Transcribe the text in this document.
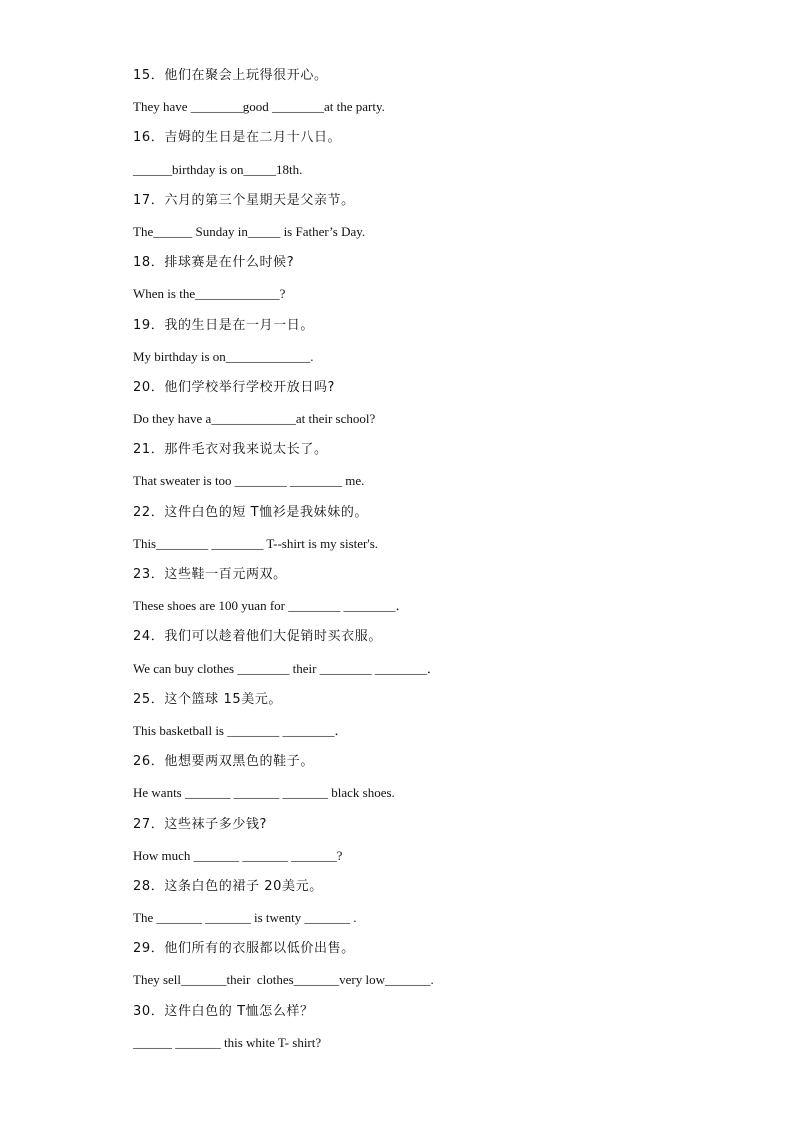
15．他们在聚会上玩得很开心。
They have ________good ________at the party.
16．吉姆的生日是在二月十八日。
______birthday is on_____18th.
17．六月的第三个星期天是父亲节。
The______ Sunday in_____ is Father’s Day.
18．排球赛是在什么时候?
When is the_____________?
19．我的生日是在一月一日。
My birthday is on_____________.
20．他们学校举行学校开放日吗?
Do they have a_____________at their school?
21．那件毛衣对我来说太长了。
That sweater is too ________ ________ me.
22．这件白色的短 T恤衫是我妹妹的。
This________ ________ T--shirt is my sister's.
23．这些鞋一百元两双。
These shoes are 100 yuan for ________ ________．
24．我们可以趁着他们大促销时买衣服。
We can buy clothes ________ their ________ ________．
25．这个篮球 15美元。
This basketball is ________ ________．
26．他想要两双黑色的鞋子。
He wants _______ _______ _______ black shoes.
27．这些袜子多少钱?
How much _______ _______ _______?
28．这条白色的裙子 20美元。
The _______ _______ is twenty _______ .
29．他们所有的衣服都以低价出售。
They sell_______their  clothes_______very low_______.
30．这件白色的 T恤怎么样？
______ _______ this white T- shirt?
